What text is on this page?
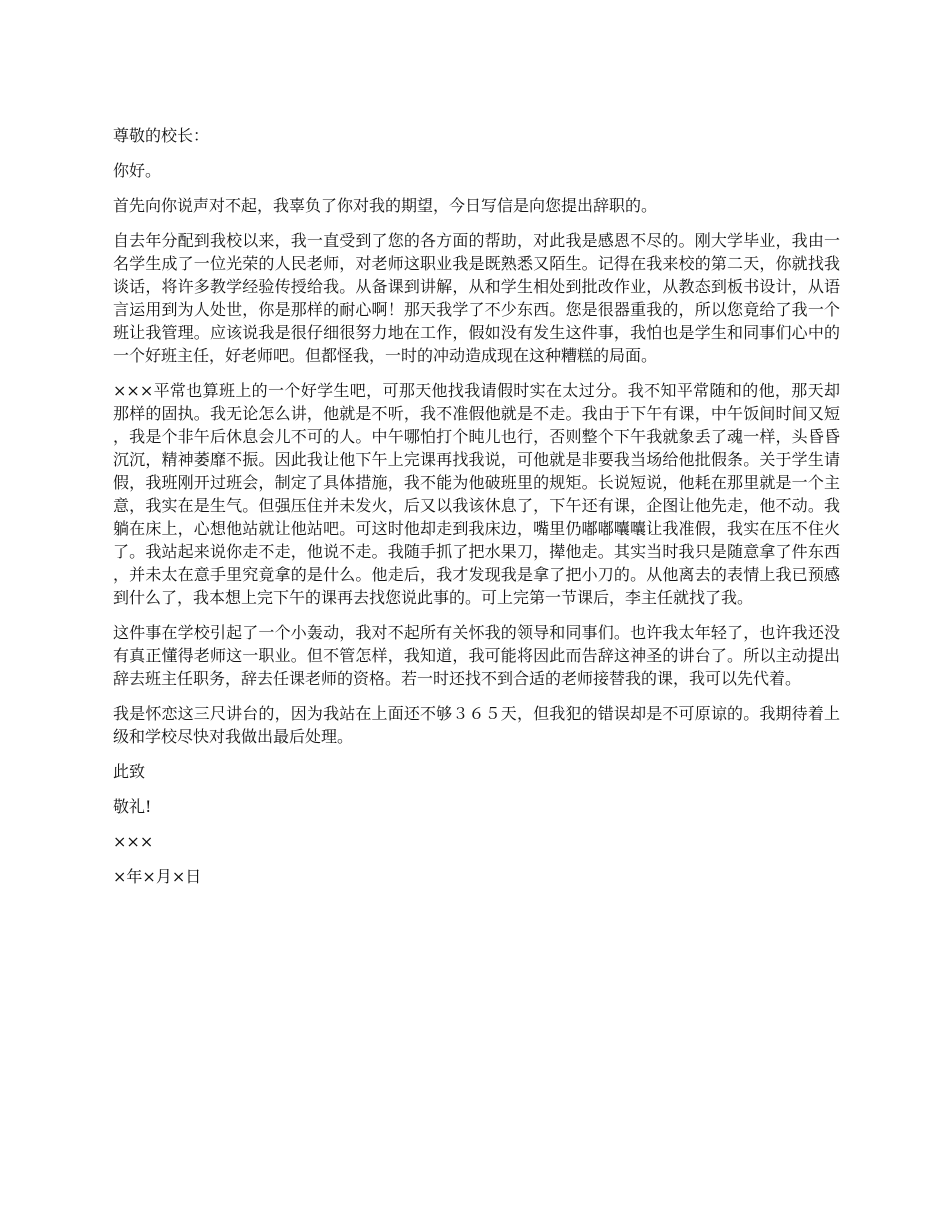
尊敬的校长：

你好。

首先向你说声对不起，我辜负了你对我的期望，今日写信是向您提出辞职的。

自去年分配到我校以来，我一直受到了您的各方面的帮助，对此我是感恩不尽的。刚大学毕业，我由一名学生成了一位光荣的人民老师，对老师这职业我是既熟悉又陌生。记得在我来校的第二天，你就找我谈话，将许多教学经验传授给我。从备课到讲解，从和学生相处到批改作业，从教态到板书设计，从语言运用到为人处世，你是那样的耐心啊！那天我学了不少东西。您是很器重我的，所以您竟给了我一个班让我管理。应该说我是很仔细很努力地在工作，假如没有发生这件事，我怕也是学生和同事们心中的一个好班主任，好老师吧。但都怪我，一时的冲动造成现在这种糟糕的局面。

×××平常也算班上的一个好学生吧，可那天他找我请假时实在太过分。我不知平常随和的他，那天却那样的固执。我无论怎么讲，他就是不听，我不准假他就是不走。我由于下午有课，中午饭间时间又短，我是个非午后休息会儿不可的人。中午哪怕打个盹儿也行，否则整个下午我就象丢了魂一样，头昏昏沉沉，精神萎靡不振。因此我让他下午上完课再找我说，可他就是非要我当场给他批假条。关于学生请假，我班刚开过班会，制定了具体措施，我不能为他破班里的规矩。长说短说，他耗在那里就是一个主意，我实在是生气。但强压住并未发火，后又以我该休息了，下午还有课，企图让他先走，他不动。我躺在床上，心想他站就让他站吧。可这时他却走到我床边，嘴里仍嘟嘟囔囔让我准假，我实在压不住火了。我站起来说你走不走，他说不走。我随手抓了把水果刀，撵他走。其实当时我只是随意拿了件东西，并未太在意手里究竟拿的是什么。他走后，我才发现我是拿了把小刀的。从他离去的表情上我已预感到什么了，我本想上完下午的课再去找您说此事的。可上完第一节课后，李主任就找了我。

这件事在学校引起了一个小轰动，我对不起所有关怀我的领导和同事们。也许我太年轻了，也许我还没有真正懂得老师这一职业。但不管怎样，我知道，我可能将因此而告辞这神圣的讲台了。所以主动提出辞去班主任职务，辞去任课老师的资格。若一时还找不到合适的老师接替我的课，我可以先代着。

我是怀恋这三尺讲台的，因为我站在上面还不够３６５天，但我犯的错误却是不可原谅的。我期待着上级和学校尽快对我做出最后处理。

此致

敬礼!

×××

×年×月×日
